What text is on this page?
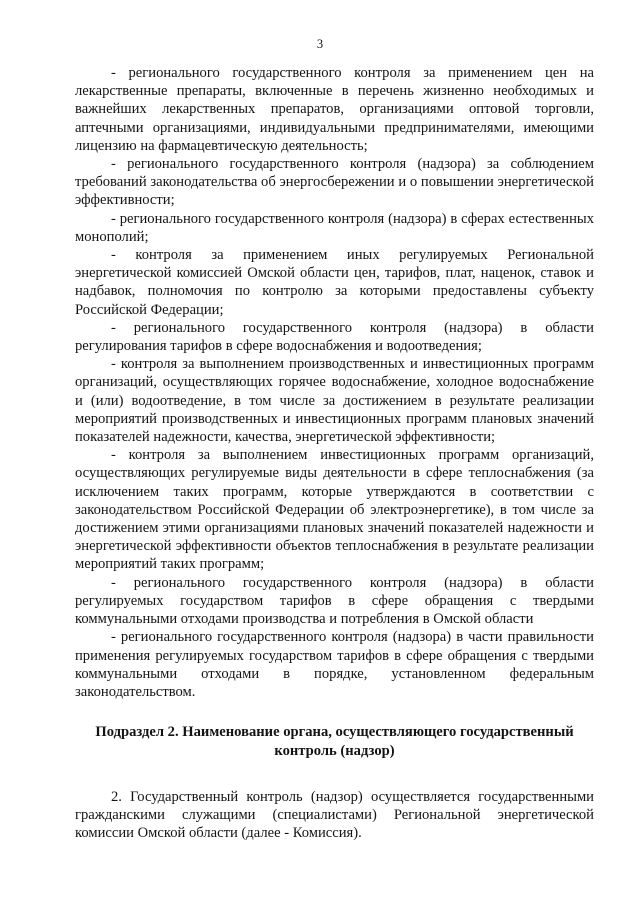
3

- регионального государственного контроля за применением цен на лекарственные препараты, включенные в перечень жизненно необходимых и важнейших лекарственных препаратов, организациями оптовой торговли, аптечными организациями, индивидуальными предпринимателями, имеющими лицензию на фармацевтическую деятельность;

- регионального государственного контроля (надзора) за соблюдением требований законодательства об энергосбережении и о повышении энергетической эффективности;

- регионального государственного контроля (надзора) в сферах естественных монополий;

- контроля за применением иных регулируемых Региональной энергетической комиссией Омской области цен, тарифов, плат, наценок, ставок и надбавок, полномочия по контролю за которыми предоставлены субъекту Российской Федерации;

- регионального государственного контроля (надзора) в области регулирования тарифов в сфере водоснабжения и водоотведения;

- контроля за выполнением производственных и инвестиционных программ организаций, осуществляющих горячее водоснабжение, холодное водоснабжение и (или) водоотведение, в том числе за достижением в результате реализации мероприятий производственных и инвестиционных программ плановых значений показателей надежности, качества, энергетической эффективности;

- контроля за выполнением инвестиционных программ организаций, осуществляющих регулируемые виды деятельности в сфере теплоснабжения (за исключением таких программ, которые утверждаются в соответствии с законодательством Российской Федерации об электроэнергетике), в том числе за достижением этими организациями плановых значений показателей надежности и энергетической эффективности объектов теплоснабжения в результате реализации мероприятий таких программ;

- регионального государственного контроля (надзора) в области регулируемых государством тарифов в сфере обращения с твердыми коммунальными отходами производства и потребления в Омской области

- регионального государственного контроля (надзора) в части правильности применения регулируемых государством тарифов в сфере обращения с твердыми коммунальными отходами в порядке, установленном федеральным законодательством.

Подраздел 2. Наименование органа, осуществляющего государственный контроль (надзор)

2. Государственный контроль (надзор) осуществляется государственными гражданскими служащими (специалистами) Региональной энергетической комиссии Омской области (далее - Комиссия).
